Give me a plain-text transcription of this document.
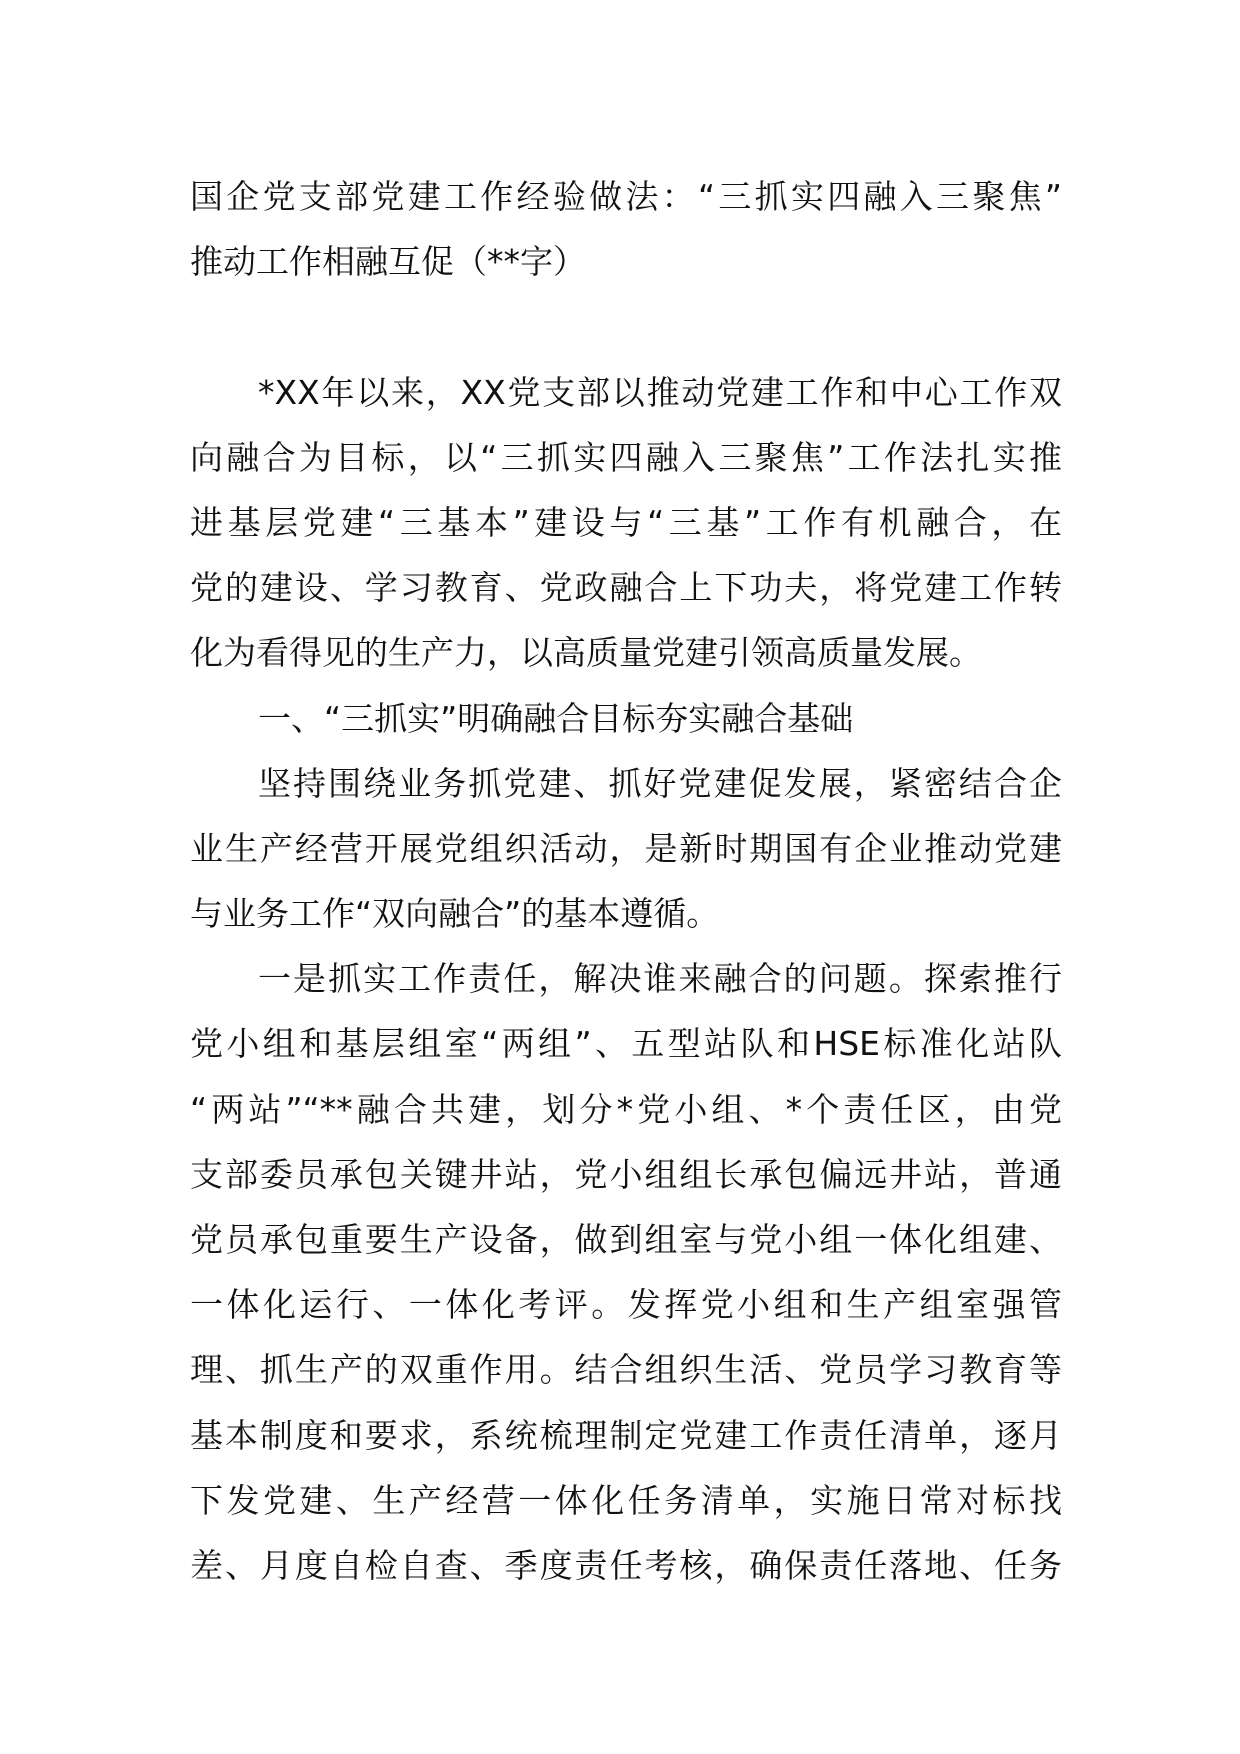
国企党支部党建工作经验做法：“三抓实四融入三聚焦”
推动工作相融互促（**字）
*XX年以来，XX党支部以推动党建工作和中心工作双
向融合为目标，以“三抓实四融入三聚焦”工作法扎实推
进基层党建“三基本”建设与“三基”工作有机融合，在
党的建设、学习教育、党政融合上下功夫，将党建工作转
化为看得见的生产力，以高质量党建引领高质量发展。
一、“三抓实”明确融合目标夯实融合基础
坚持围绕业务抓党建、抓好党建促发展，紧密结合企
业生产经营开展党组织活动，是新时期国有企业推动党建
与业务工作“双向融合”的基本遵循。
一是抓实工作责任，解决谁来融合的问题。探索推行
党小组和基层组室“两组”、五型站队和HSE标准化站队
“两站”“**融合共建，划分*党小组、*个责任区，由党
支部委员承包关键井站，党小组组长承包偏远井站，普通
党员承包重要生产设备，做到组室与党小组一体化组建、
一体化运行、一体化考评。发挥党小组和生产组室强管
理、抓生产的双重作用。结合组织生活、党员学习教育等
基本制度和要求，系统梳理制定党建工作责任清单，逐月
下发党建、生产经营一体化任务清单，实施日常对标找
差、月度自检自查、季度责任考核，确保责任落地、任务
